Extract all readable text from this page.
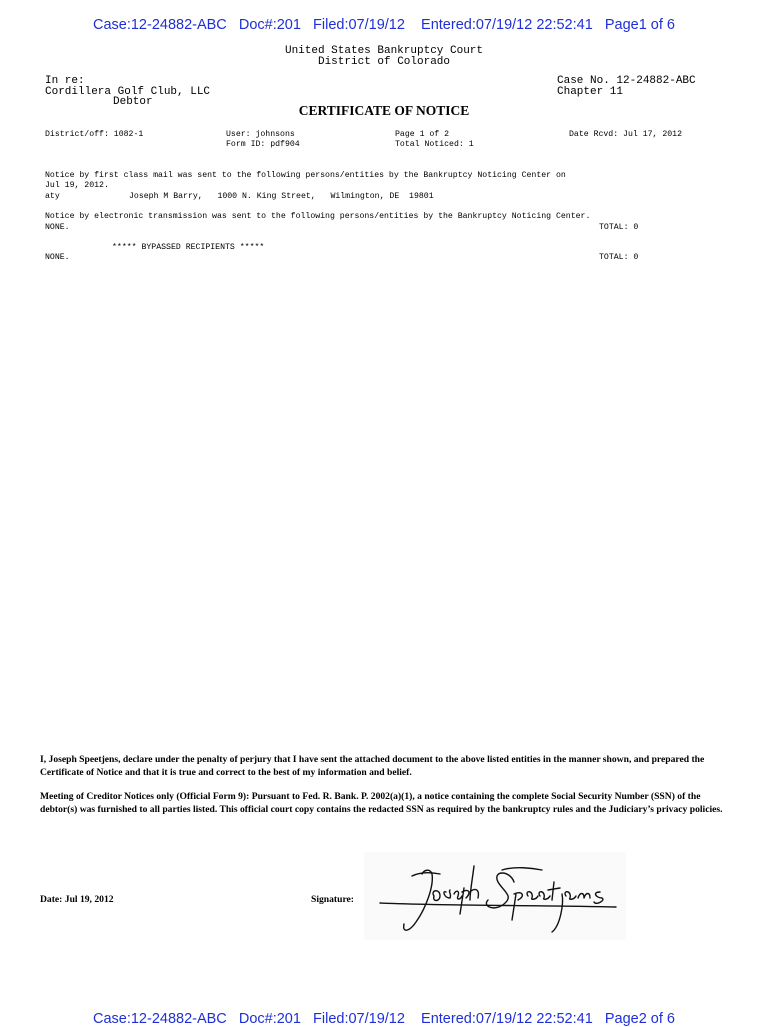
Case:12-24882-ABC   Doc#:201   Filed:07/19/12    Entered:07/19/12 22:52:41   Page1 of 6
United States Bankruptcy Court
District of Colorado
In re:
Cordillera Golf Club, LLC
Debtor
Case No. 12-24882-ABC
Chapter 11
CERTIFICATE OF NOTICE
District/off: 1082-1	User: johnsons
Form ID: pdf904
Page 1 of 2
Total Noticed: 1
Date Rcvd: Jul 17, 2012
Notice by first class mail was sent to the following persons/entities by the Bankruptcy Noticing Center on
Jul 19, 2012.
aty	Joseph M Barry,   1000 N. King Street,   Wilmington, DE  19801
Notice by electronic transmission was sent to the following persons/entities by the Bankruptcy Noticing Center.
NONE.	TOTAL: 0
***** BYPASSED RECIPIENTS *****
NONE.	TOTAL: 0
I, Joseph Speetjens, declare under the penalty of perjury that I have sent the attached document to the above listed entities in the manner shown, and prepared the Certificate of Notice and that it is true and correct to the best of my information and belief.
Meeting of Creditor Notices only (Official Form 9): Pursuant to Fed. R. Bank. P. 2002(a)(1), a notice containing the complete Social Security Number (SSN) of the debtor(s) was furnished to all parties listed. This official court copy contains the redacted SSN as required by the bankruptcy rules and the Judiciary’s privacy policies.
Date: Jul 19, 2012	Signature:
Case:12-24882-ABC   Doc#:201   Filed:07/19/12    Entered:07/19/12 22:52:41   Page2 of 6
